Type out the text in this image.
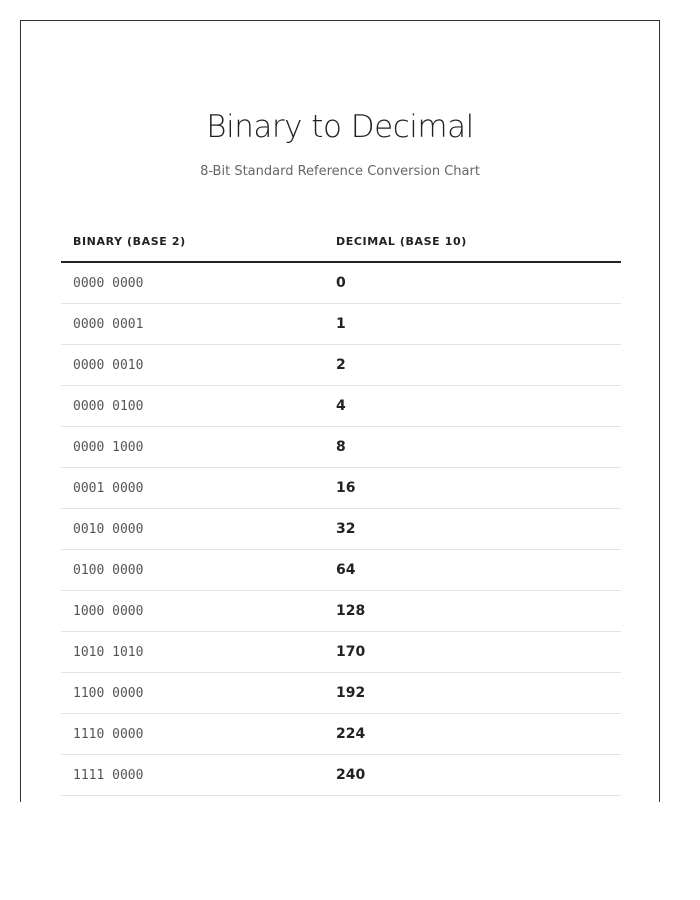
Binary to Decimal

8-Bit Standard Reference Conversion Chart

BINARY (BASE 2)	DECIMAL (BASE 10)
0000 0000	0
0000 0001	1
0000 0010	2
0000 0100	4
0000 1000	8
0001 0000	16
0010 0000	32
0100 0000	64
1000 0000	128
1010 1010	170
1100 0000	192
1110 0000	224
1111 0000	240
